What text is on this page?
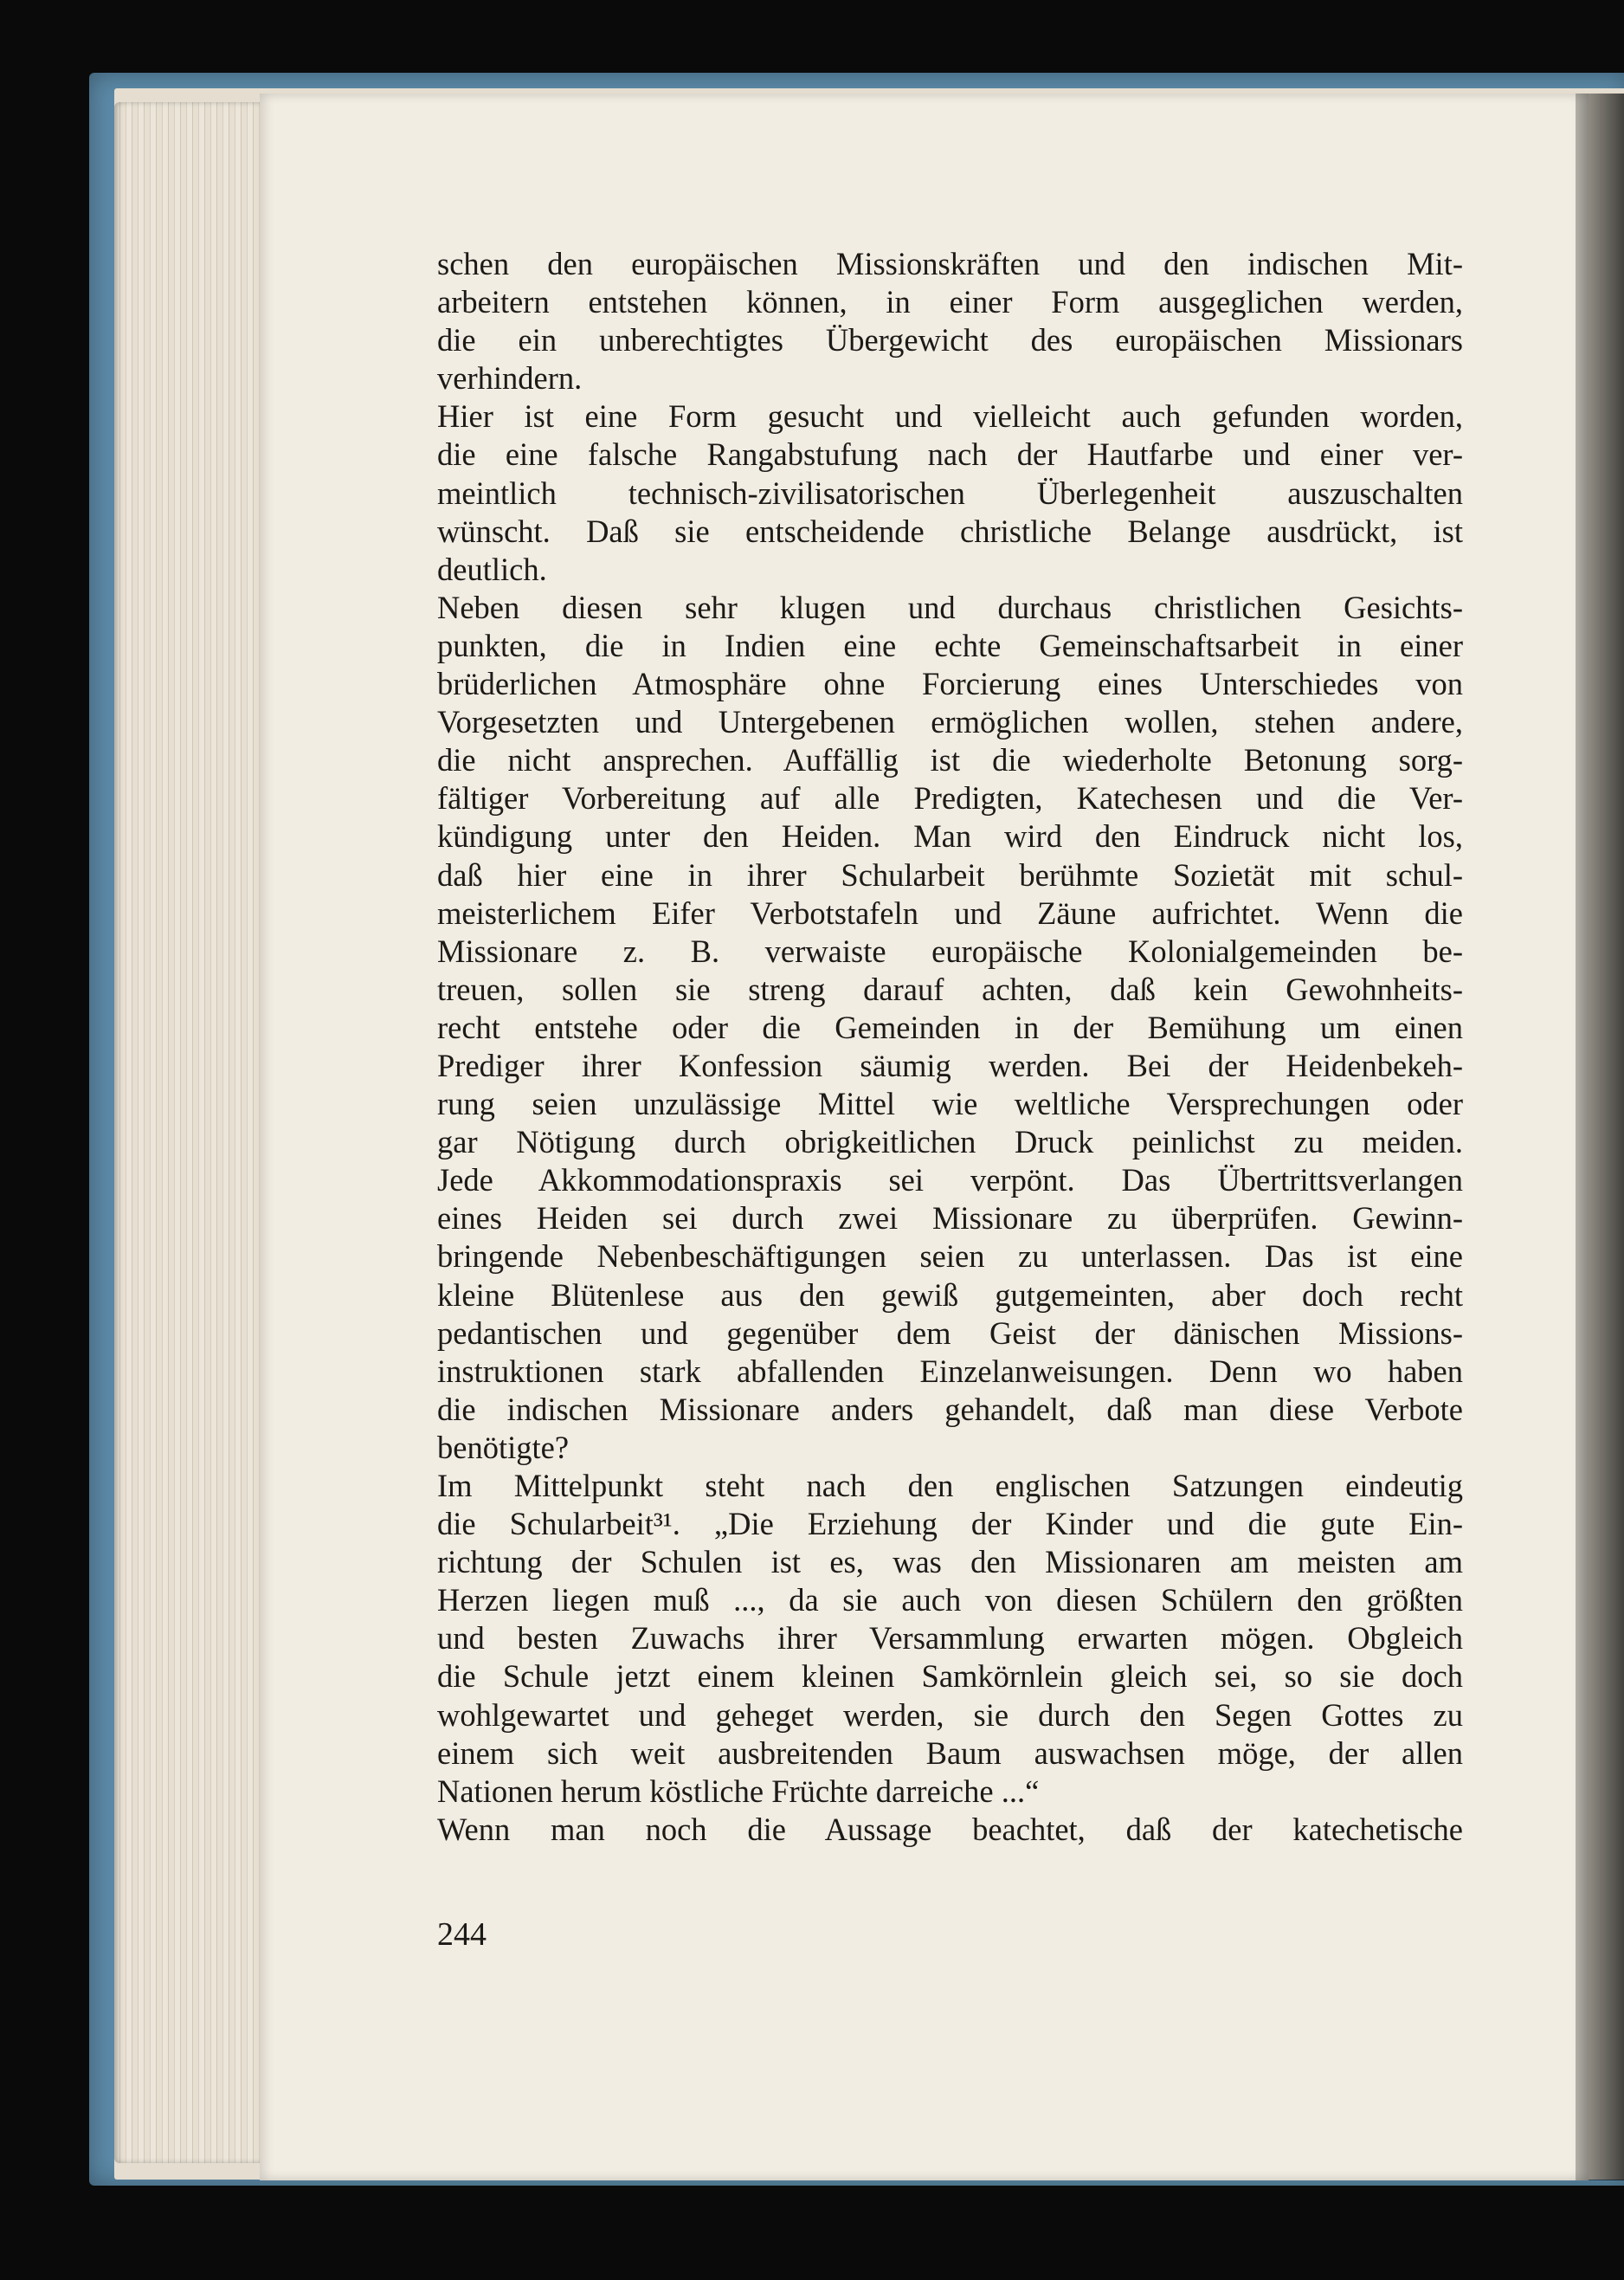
schen den europäischen Missionskräften und den indischen Mit-
arbeitern entstehen können, in einer Form ausgeglichen werden,
die ein unberechtigtes Übergewicht des europäischen Missionars
verhindern.
Hier ist eine Form gesucht und vielleicht auch gefunden worden,
die eine falsche Rangabstufung nach der Hautfarbe und einer ver-
meintlich technisch-zivilisatorischen Überlegenheit auszuschalten
wünscht. Daß sie entscheidende christliche Belange ausdrückt, ist
deutlich.
Neben diesen sehr klugen und durchaus christlichen Gesichts-
punkten, die in Indien eine echte Gemeinschaftsarbeit in einer
brüderlichen Atmosphäre ohne Forcierung eines Unterschiedes von
Vorgesetzten und Untergebenen ermöglichen wollen, stehen andere,
die nicht ansprechen. Auffällig ist die wiederholte Betonung sorg-
fältiger Vorbereitung auf alle Predigten, Katechesen und die Ver-
kündigung unter den Heiden. Man wird den Eindruck nicht los,
daß hier eine in ihrer Schularbeit berühmte Sozietät mit schul-
meisterlichem Eifer Verbotstafeln und Zäune aufrichtet. Wenn die
Missionare z. B. verwaiste europäische Kolonialgemeinden be-
treuen, sollen sie streng darauf achten, daß kein Gewohnheits-
recht entstehe oder die Gemeinden in der Bemühung um einen
Prediger ihrer Konfession säumig werden. Bei der Heidenbekeh-
rung seien unzulässige Mittel wie weltliche Versprechungen oder
gar Nötigung durch obrigkeitlichen Druck peinlichst zu meiden.
Jede Akkommodationspraxis sei verpönt. Das Übertrittsverlangen
eines Heiden sei durch zwei Missionare zu überprüfen. Gewinn-
bringende Nebenbeschäftigungen seien zu unterlassen. Das ist eine
kleine Blütenlese aus den gewiß gutgemeinten, aber doch recht
pedantischen und gegenüber dem Geist der dänischen Missions-
instruktionen stark abfallenden Einzelanweisungen. Denn wo haben
die indischen Missionare anders gehandelt, daß man diese Verbote
benötigte?
Im Mittelpunkt steht nach den englischen Satzungen eindeutig
die Schularbeit³¹. „Die Erziehung der Kinder und die gute Ein-
richtung der Schulen ist es, was den Missionaren am meisten am
Herzen liegen muß ..., da sie auch von diesen Schülern den größten
und besten Zuwachs ihrer Versammlung erwarten mögen. Obgleich
die Schule jetzt einem kleinen Samkörnlein gleich sei, so sie doch
wohlgewartet und geheget werden, sie durch den Segen Gottes zu
einem sich weit ausbreitenden Baum auswachsen möge, der allen
Nationen herum köstliche Früchte darreiche ...“
Wenn man noch die Aussage beachtet, daß der katechetische
244
